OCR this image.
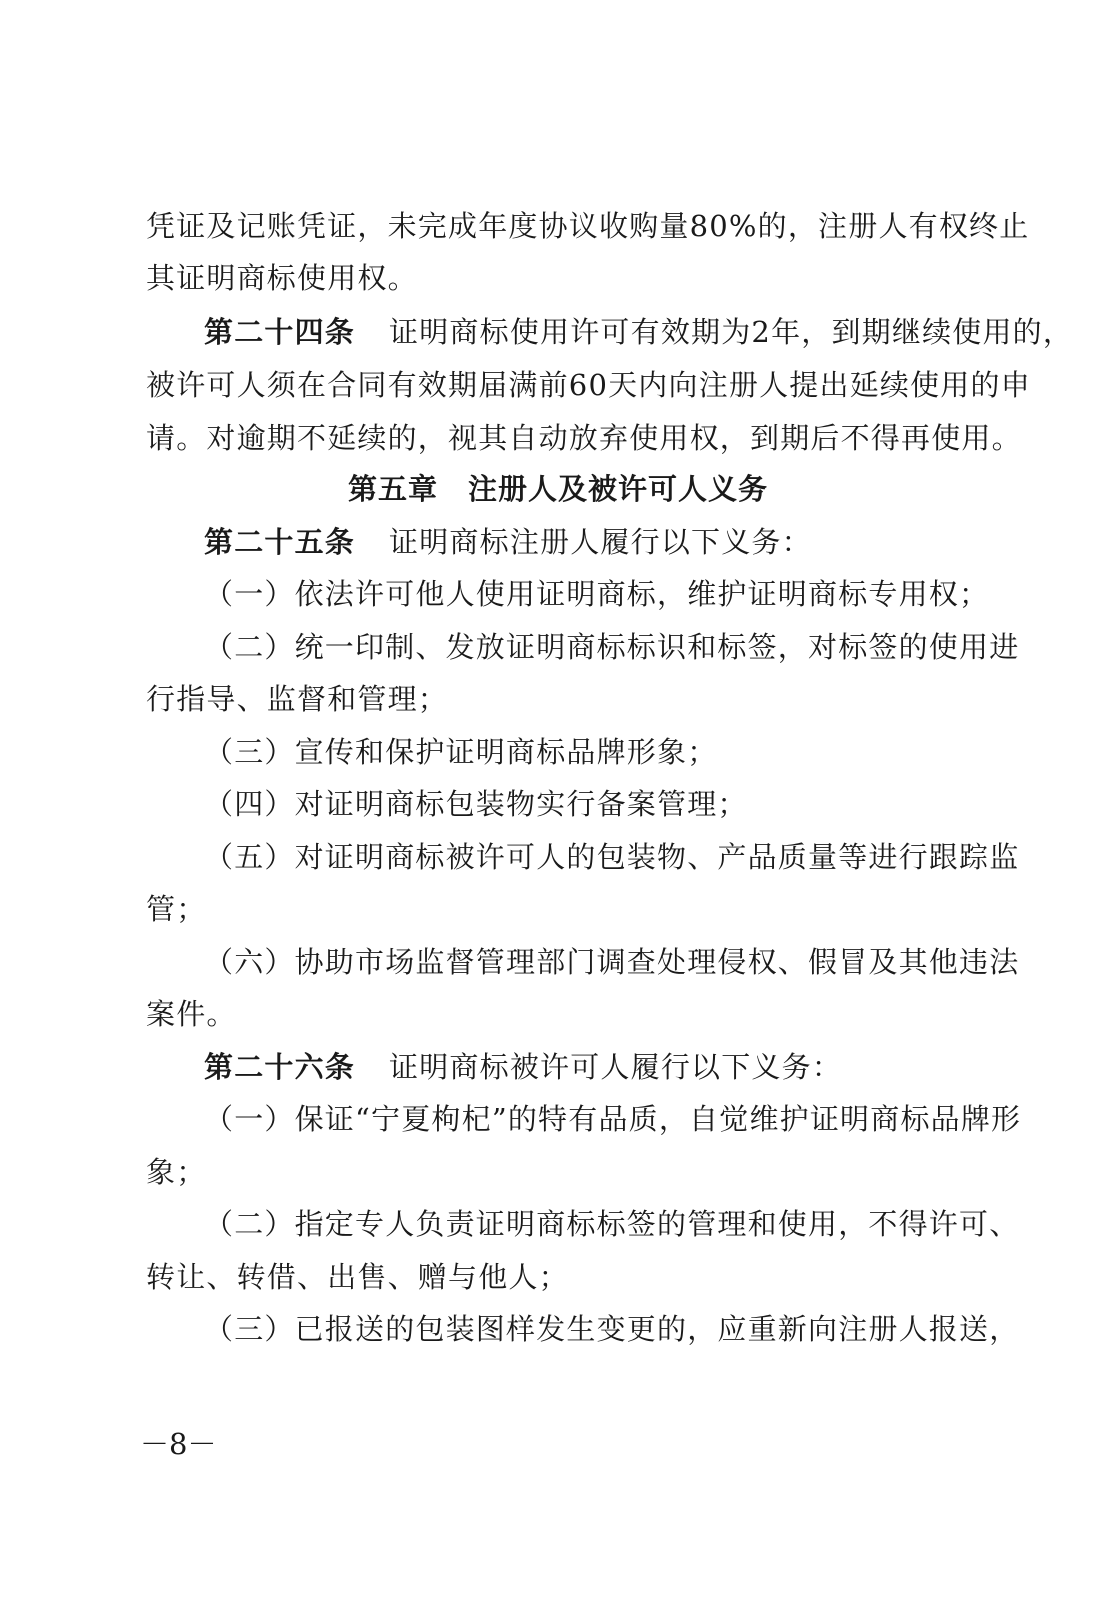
凭证及记账凭证，未完成年度协议收购量80%的，注册人有权终止
其证明商标使用权。
第二十四条 证明商标使用许可有效期为2年，到期继续使用的，
被许可人须在合同有效期届满前60天内向注册人提出延续使用的申
请。对逾期不延续的，视其自动放弃使用权，到期后不得再使用。
第五章　注册人及被许可人义务
第二十五条 证明商标注册人履行以下义务：
（一）依法许可他人使用证明商标，维护证明商标专用权；
（二）统一印制、发放证明商标标识和标签，对标签的使用进
行指导、监督和管理；
（三）宣传和保护证明商标品牌形象；
（四）对证明商标包装物实行备案管理；
（五）对证明商标被许可人的包装物、产品质量等进行跟踪监
管；
（六）协助市场监督管理部门调查处理侵权、假冒及其他违法
案件。
第二十六条 证明商标被许可人履行以下义务：
（一）保证“宁夏枸杞”的特有品质，自觉维护证明商标品牌形
象；
（二）指定专人负责证明商标标签的管理和使用，不得许可、
转让、转借、出售、赠与他人；
（三）已报送的包装图样发生变更的，应重新向注册人报送，
－8－
